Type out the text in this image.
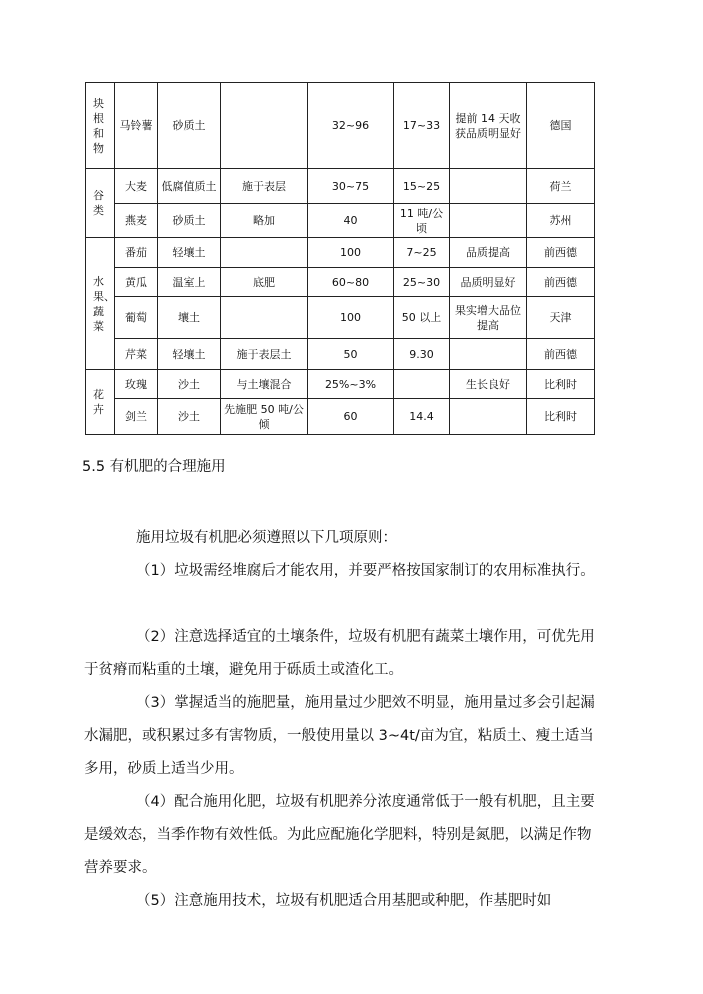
块根和物	马铃薯	砂质土		32~96	17~33	提前 14 天收获品质明显好	德国
谷类	大麦	低腐值质土	施于表层	30~75	15~25		荷兰
	燕麦	砂质土	略加	40	11 吨/公顷		苏州
水果、蔬菜	番茄	轻壤土		100	7~25	品质提高	前西德
	黄瓜	温室上	底肥	60~80	25~30	品质明显好	前西德
	葡萄	壤土		100	50 以上	果实增大品位提高	天津
	芹菜	轻壤土	施于表层土	50	9.30		前西德
花卉	玫瑰	沙土	与土壤混合	25%~3%		生长良好	比利时
	剑兰	沙土	先施肥 50 吨/公倾	60	14.4		比利时
5.5 有机肥的合理施用

施用垃圾有机肥必须遵照以下几项原则：

（1）垃圾需经堆腐后才能农用，并要严格按国家制订的农用标准执行。

（2）注意选择适宜的土壤条件，垃圾有机肥有蔬菜土壤作用，可优先用于贫瘠而粘重的土壤，避免用于砾质土或渣化工。

（3）掌握适当的施肥量，施用量过少肥效不明显，施用量过多会引起漏水漏肥，或积累过多有害物质，一般使用量以 3~4t/亩为宜，粘质土、瘦土适当多用，砂质上适当少用。

（4）配合施用化肥，垃圾有机肥养分浓度通常低于一般有机肥，且主要是缓效态，当季作物有效性低。为此应配施化学肥料，特别是氮肥，以满足作物营养要求。

（5）注意施用技术，垃圾有机肥适合用基肥或种肥，作基肥时如
